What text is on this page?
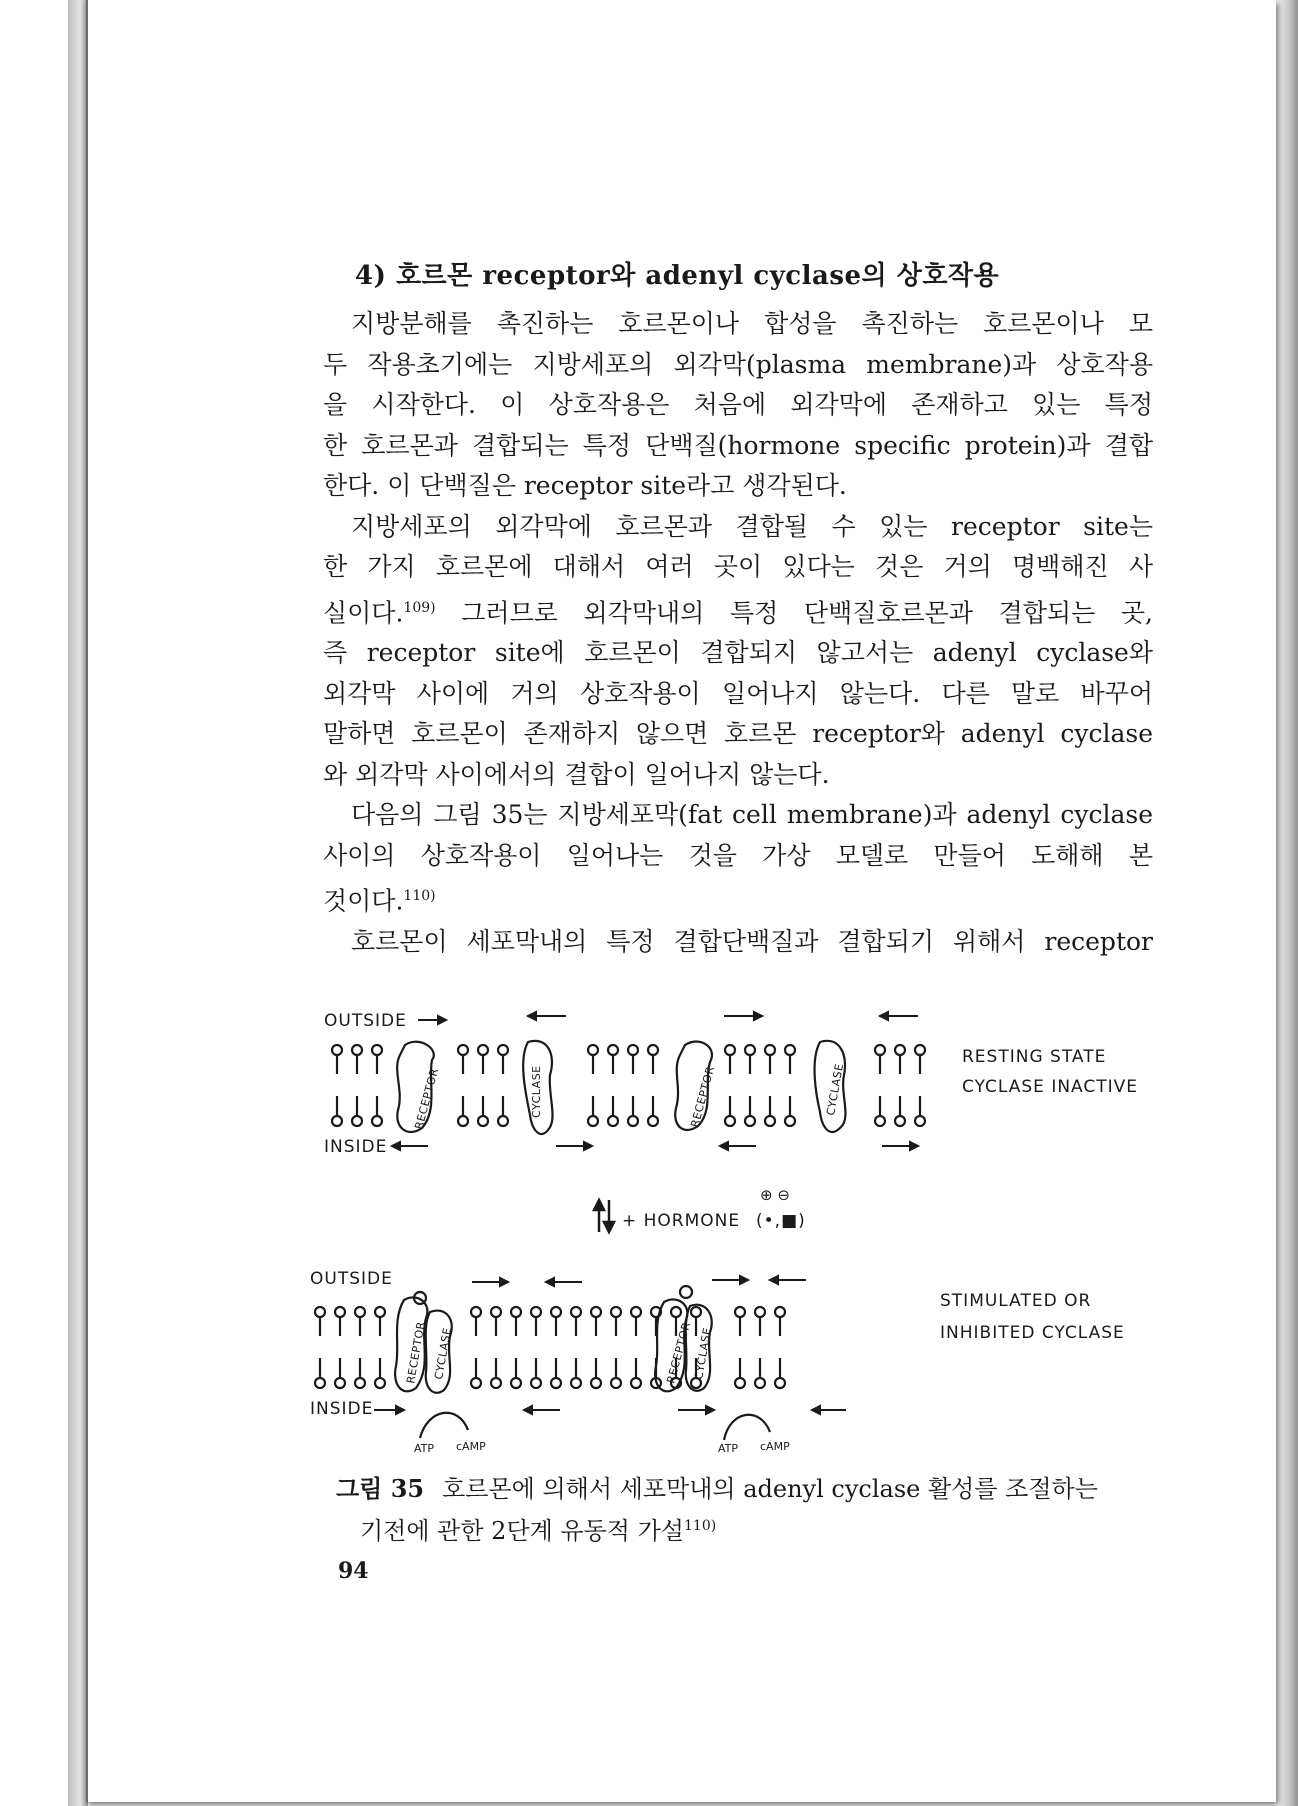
4) 호르몬 receptor와 adenyl cyclase의 상호작용

지방분해를 촉진하는 호르몬이나 합성을 촉진하는 호르몬이나 모

두 작용초기에는 지방세포의 외각막(plasma membrane)과 상호작용

을 시작한다. 이 상호작용은 처음에 외각막에 존재하고 있는 특정

한 호르몬과 결합되는 특정 단백질(hormone specific protein)과 결합

한다. 이 단백질은 receptor site라고 생각된다.

지방세포의 외각막에 호르몬과 결합될 수 있는 receptor site는

한 가지 호르몬에 대해서 여러 곳이 있다는 것은 거의 명백해진 사

실이다.$^{109)}$ 그러므로 외각막내의 특정 단백질호르몬과 결합되는 곳,

즉 receptor site에 호르몬이 결합되지 않고서는 adenyl cyclase와

외각막 사이에 거의 상호작용이 일어나지 않는다. 다른 말로 바꾸어

말하면 호르몬이 존재하지 않으면 호르몬 receptor와 adenyl cyclase

와 외각막 사이에서의 결합이 일어나지 않는다.

다음의 그림 35는 지방세포막(fat cell membrane)과 adenyl cyclase

사이의 상호작용이 일어나는 것을 가상 모델로 만들어 도해해 본

것이다.$^{110)}$

호르몬이 세포막내의 특정 결합단백질과 결합되기 위해서 receptor

OUTSIDE
RECEPTOR	CYCLASE	RECEPTOR	CYCLASE
INSIDE
RESTING STATE
CYCLASE INACTIVE
+ HORMONE
⊕ ⊖
(•,■)
OUTSIDE
RECEPTOR CYCLASE	RECEPTOR
CYCLASE
INSIDE
ATP cAMP	ATP cAMP
STIMULATED OR
INHIBITED CYCLASE
그림 35 호르몬에 의해서 세포막내의 adenyl cyclase 활성를 조절하는
기전에 관한 2단계 유동적 가설$^{110)}$
94
